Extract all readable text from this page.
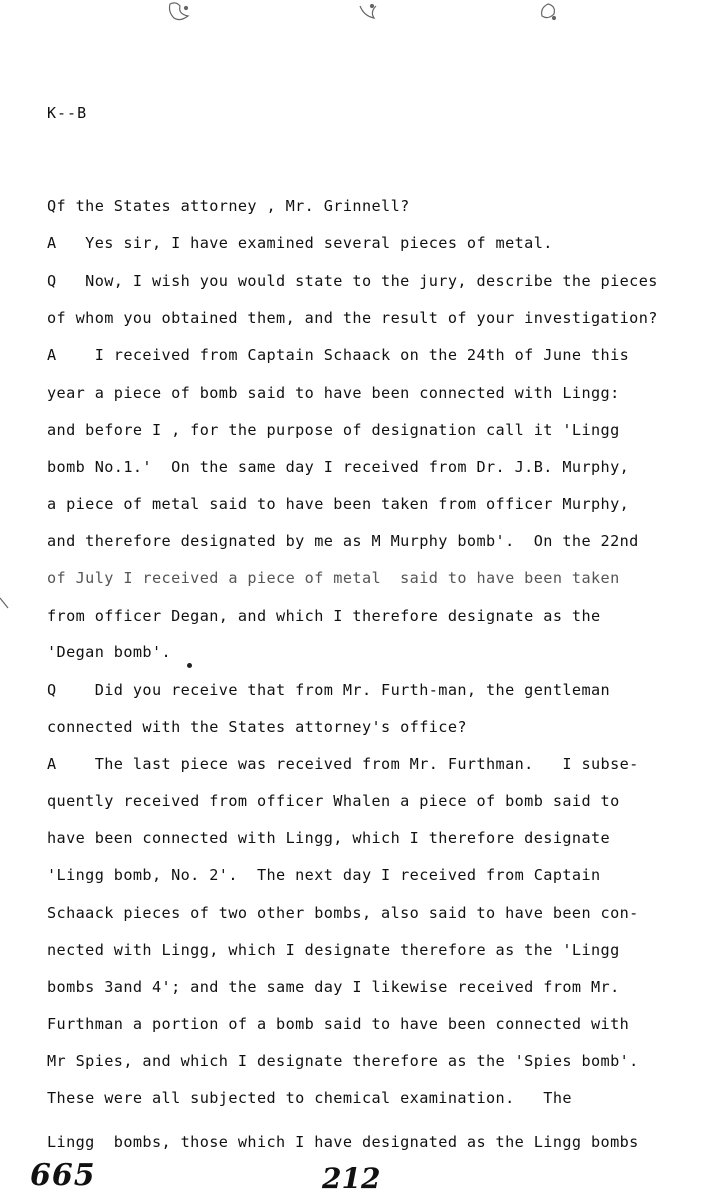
K--B
Qf the States attorney , Mr. Grinnell?
A   Yes sir, I have examined several pieces of metal.
Q   Now, I wish you would state to the jury, describe the pieces
of whom you obtained them, and the result of your investigation?
A    I received from Captain Schaack on the 24th of June this
year a piece of bomb said to have been connected with Lingg:
and before I , for the purpose of designation call it 'Lingg
bomb No.1.'  On the same day I received from Dr. J.B. Murphy,
a piece of metal said to have been taken from officer Murphy,
and therefore designated by me as M Murphy bomb'.  On the 22nd
of July I received a piece of metal  said to have been taken
from officer Degan, and which I therefore designate as the
'Degan bomb'.
Q    Did you receive that from Mr. Furth-man, the gentleman
connected with the States attorney's office?
A    The last piece was received from Mr. Furthman.   I subse-
quently received from officer Whalen a piece of bomb said to
have been connected with Lingg, which I therefore designate
'Lingg bomb, No. 2'.  The next day I received from Captain
Schaack pieces of two other bombs, also said to have been con-
nected with Lingg, which I designate therefore as the 'Lingg
bombs 3and 4'; and the same day I likewise received from Mr.
Furthman a portion of a bomb said to have been connected with
Mr Spies, and which I designate therefore as the 'Spies bomb'.
These were all subjected to chemical examination.   The
Lingg  bombs, those which I have designated as the Lingg bombs
665	212
